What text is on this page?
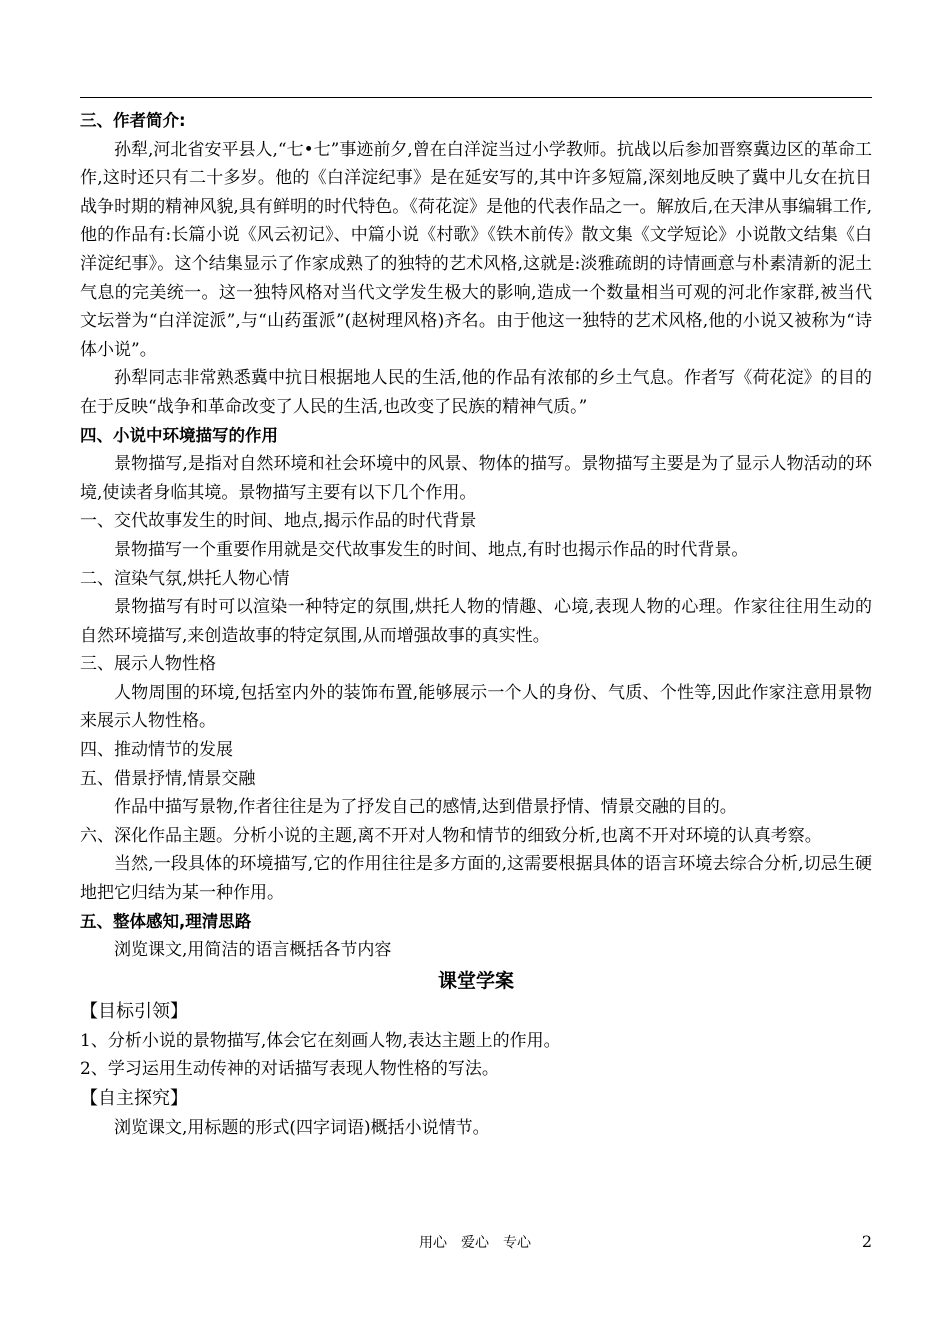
三、作者简介:

孙犁,河北省安平县人,“七•七”事迹前夕,曾在白洋淀当过小学教师。抗战以后参加晋察冀边区的革命工作,这时还只有二十多岁。他的《白洋淀纪事》是在延安写的,其中许多短篇,深刻地反映了冀中儿女在抗日战争时期的精神风貌,具有鲜明的时代特色。《荷花淀》是他的代表作品之一。解放后,在天津从事编辑工作,他的作品有:长篇小说《风云初记》、中篇小说《村歌》《铁木前传》散文集《文学短论》小说散文结集《白洋淀纪事》。这个结集显示了作家成熟了的独特的艺术风格,这就是:淡雅疏朗的诗情画意与朴素清新的泥土气息的完美统一。这一独特风格对当代文学发生极大的影响,造成一个数量相当可观的河北作家群,被当代文坛誉为“白洋淀派”,与“山药蛋派”(赵树理风格)齐名。由于他这一独特的艺术风格,他的小说又被称为“诗体小说”。

孙犁同志非常熟悉冀中抗日根据地人民的生活,他的作品有浓郁的乡土气息。作者写《荷花淀》的目的在于反映“战争和革命改变了人民的生活,也改变了民族的精神气质。”

四、小说中环境描写的作用

景物描写,是指对自然环境和社会环境中的风景、物体的描写。景物描写主要是为了显示人物活动的环境,使读者身临其境。景物描写主要有以下几个作用。

一、交代故事发生的时间、地点,揭示作品的时代背景

景物描写一个重要作用就是交代故事发生的时间、地点,有时也揭示作品的时代背景。

二、渲染气氛,烘托人物心情

景物描写有时可以渲染一种特定的氛围,烘托人物的情趣、心境,表现人物的心理。作家往往用生动的自然环境描写,来创造故事的特定氛围,从而增强故事的真实性。

三、展示人物性格

人物周围的环境,包括室内外的装饰布置,能够展示一个人的身份、气质、个性等,因此作家注意用景物来展示人物性格。

四、推动情节的发展

五、借景抒情,情景交融

作品中描写景物,作者往往是为了抒发自己的感情,达到借景抒情、情景交融的目的。

六、深化作品主题。分析小说的主题,离不开对人物和情节的细致分析,也离不开对环境的认真考察。

当然,一段具体的环境描写,它的作用往往是多方面的,这需要根据具体的语言环境去综合分析,切忌生硬地把它归结为某一种作用。

五、整体感知,理清思路

浏览课文,用简洁的语言概括各节内容

课堂学案

【目标引领】

1、分析小说的景物描写,体会它在刻画人物,表达主题上的作用。

2、学习运用生动传神的对话描写表现人物性格的写法。

【自主探究】

浏览课文,用标题的形式(四字词语)概括小说情节。

用心　爱心　专心	2
